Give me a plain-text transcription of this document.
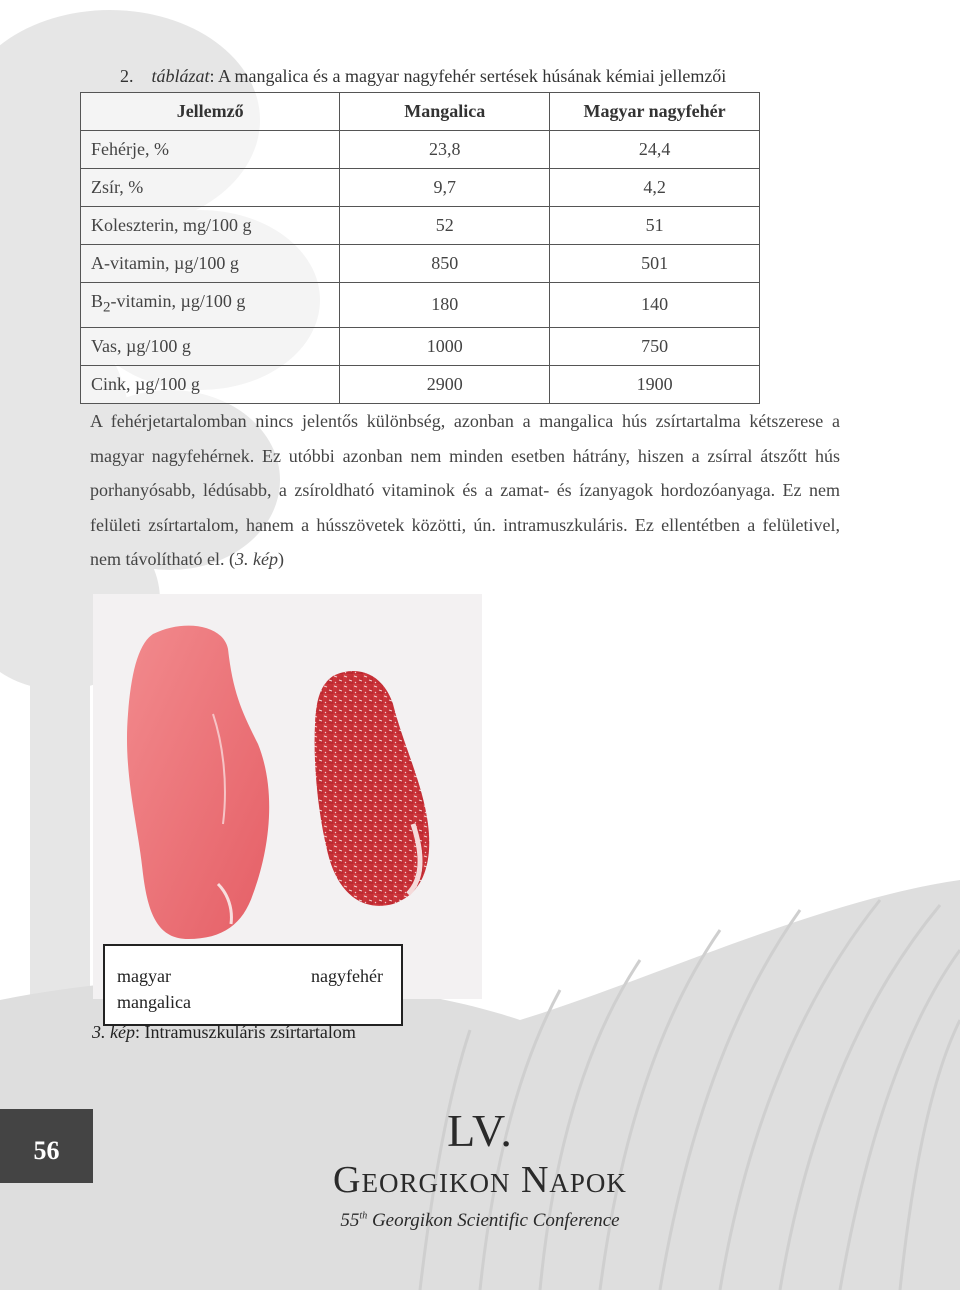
2. táblázat: A mangalica és a magyar nagyfehér sertések húsának kémiai jellemzői
Jellemző	Mangalica	Magyar nagyfehér
Fehérje, %	23,8	24,4
Zsír, %	9,7	4,2
Koleszterin, mg/100 g	52	51
A-vitamin, µg/100 g	850	501
$B_2$-vitamin, µg/100 g	180	140
Vas, µg/100 g	1000	750
Cink, µg/100 g	2900	1900
A fehérjetartalomban nincs jelentős különbség, azonban a mangalica hús zsírtartalma kétszerese a magyar nagyfehérnek. Ez utóbbi azonban nem minden esetben hátrány, hiszen a zsírral átszőtt hús porhanyósabb, lédúsabb, a zsíroldható vitaminok és a zamat- és ízanyagok hordozóanyaga. Ez nem felületi zsírtartalom, hanem a hússzövetek közötti, ún. intramuszkuláris. Ez ellentétben a felületivel, nem távolítható el. (3. kép)
magyar	nagyfehér
mangalica
3. kép: Intramuszkuláris zsírtartalom
56	LV.
Georgikon Napok
55th Georgikon Scientific Conference
